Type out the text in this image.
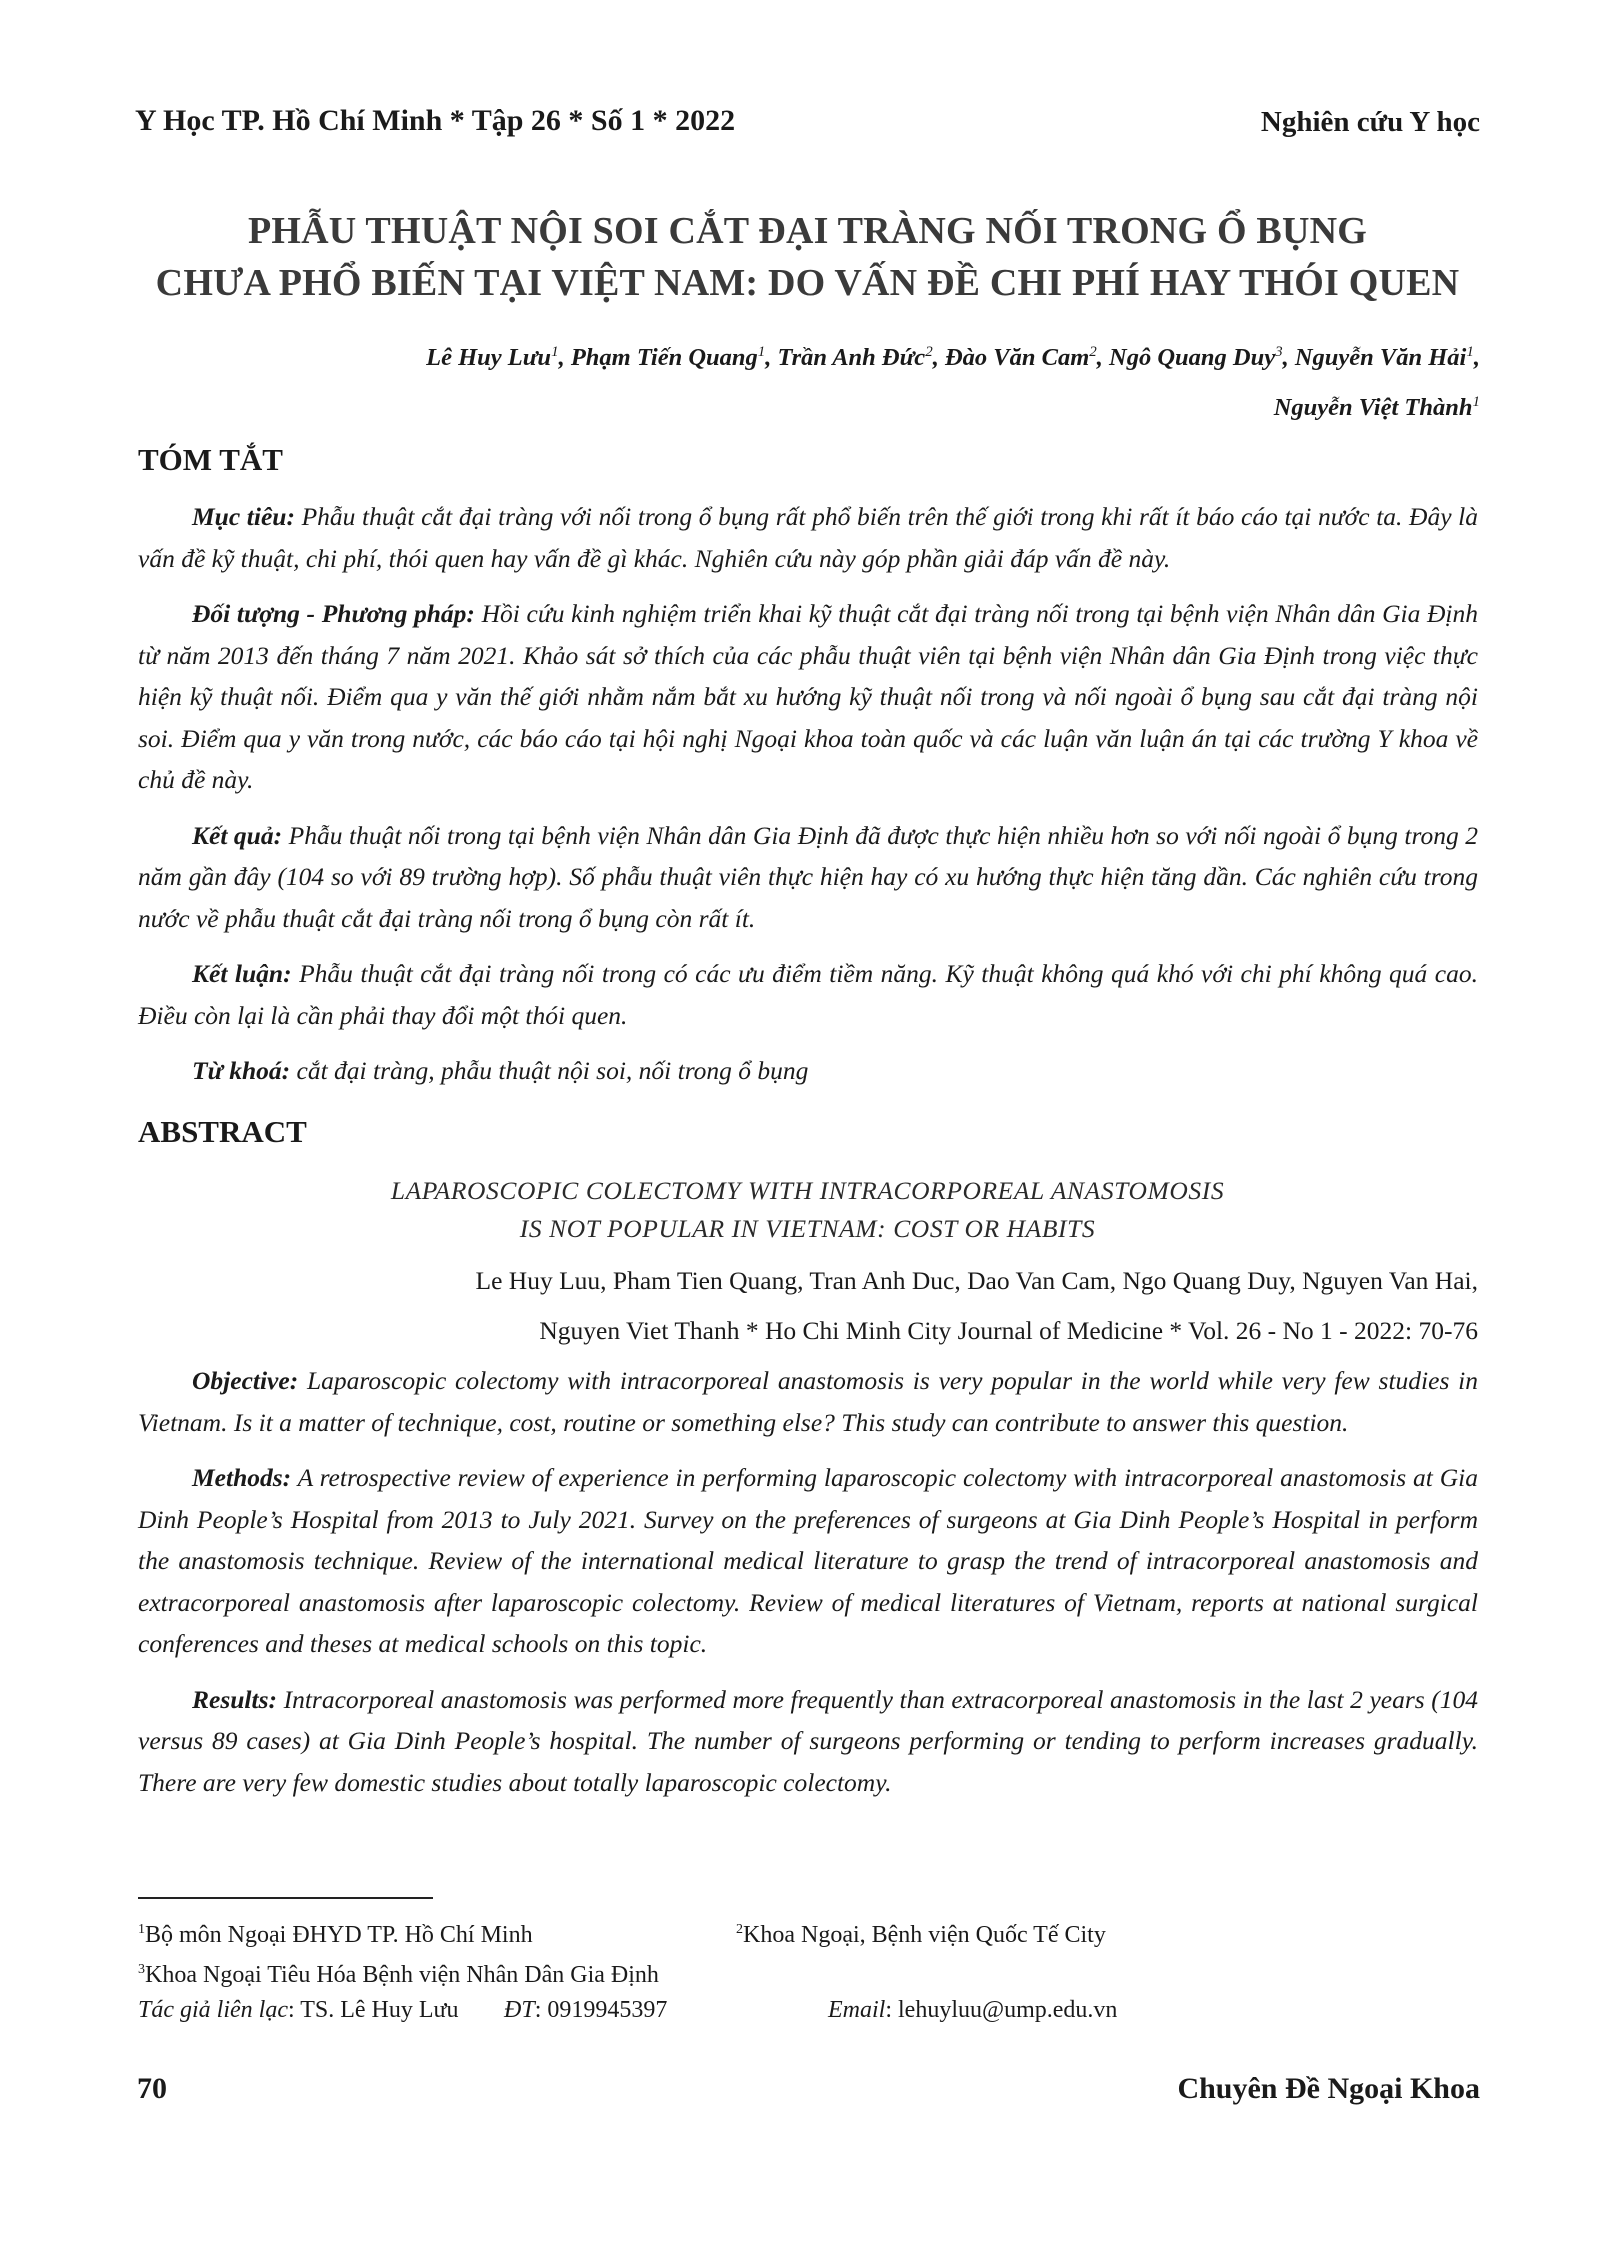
Y Học TP. Hồ Chí Minh * Tập 26 * Số 1 * 2022	Nghiên cứu Y học
PHẪU THUẬT NỘI SOI CẮT ĐẠI TRÀNG NỐI TRONG Ổ BỤNG
CHƯA PHỔ BIẾN TẠI VIỆT NAM: DO VẤN ĐỀ CHI PHÍ HAY THÓI QUEN
Lê Huy Lưu$^1$, Phạm Tiến Quang$^1$, Trần Anh Đức$^2$, Đào Văn Cam$^2$, Ngô Quang Duy$^3$, Nguyễn Văn Hải$^1$,
Nguyễn Việt Thành$^1$
TÓM TẮT

Mục tiêu: Phẫu thuật cắt đại tràng với nối trong ổ bụng rất phổ biến trên thế giới trong khi rất ít báo cáo tại nước ta. Đây là vấn đề kỹ thuật, chi phí, thói quen hay vấn đề gì khác. Nghiên cứu này góp phần giải đáp vấn đề này.

Đối tượng - Phương pháp: Hồi cứu kinh nghiệm triển khai kỹ thuật cắt đại tràng nối trong tại bệnh viện Nhân dân Gia Định từ năm 2013 đến tháng 7 năm 2021. Khảo sát sở thích của các phẫu thuật viên tại bệnh viện Nhân dân Gia Định trong việc thực hiện kỹ thuật nối. Điểm qua y văn thế giới nhằm nắm bắt xu hướng kỹ thuật nối trong và nối ngoài ổ bụng sau cắt đại tràng nội soi. Điểm qua y văn trong nước, các báo cáo tại hội nghị Ngoại khoa toàn quốc và các luận văn luận án tại các trường Y khoa về chủ đề này.

Kết quả: Phẫu thuật nối trong tại bệnh viện Nhân dân Gia Định đã được thực hiện nhiều hơn so với nối ngoài ổ bụng trong 2 năm gần đây (104 so với 89 trường hợp). Số phẫu thuật viên thực hiện hay có xu hướng thực hiện tăng dần. Các nghiên cứu trong nước về phẫu thuật cắt đại tràng nối trong ổ bụng còn rất ít.

Kết luận: Phẫu thuật cắt đại tràng nối trong có các ưu điểm tiềm năng. Kỹ thuật không quá khó với chi phí không quá cao. Điều còn lại là cần phải thay đổi một thói quen.

Từ khoá: cắt đại tràng, phẫu thuật nội soi, nối trong ổ bụng

ABSTRACT
LAPAROSCOPIC COLECTOMY WITH INTRACORPOREAL ANASTOMOSIS
IS NOT POPULAR IN VIETNAM: COST OR HABITS
Le Huy Luu, Pham Tien Quang, Tran Anh Duc, Dao Van Cam, Ngo Quang Duy, Nguyen Van Hai,
Nguyen Viet Thanh * Ho Chi Minh City Journal of Medicine * Vol. 26 - No 1 - 2022: 70-76

Objective: Laparoscopic colectomy with intracorporeal anastomosis is very popular in the world while very few studies in Vietnam. Is it a matter of technique, cost, routine or something else? This study can contribute to answer this question.

Methods: A retrospective review of experience in performing laparoscopic colectomy with intracorporeal anastomosis at Gia Dinh People’s Hospital from 2013 to July 2021. Survey on the preferences of surgeons at Gia Dinh People’s Hospital in perform the anastomosis technique. Review of the international medical literature to grasp the trend of intracorporeal anastomosis and extracorporeal anastomosis after laparoscopic colectomy. Review of medical literatures of Vietnam, reports at national surgical conferences and theses at medical schools on this topic.

Results: Intracorporeal anastomosis was performed more frequently than extracorporeal anastomosis in the last 2 years (104 versus 89 cases) at Gia Dinh People’s hospital. The number of surgeons performing or tending to perform increases gradually. There are very few domestic studies about totally laparoscopic colectomy.

$^1$Bộ môn Ngoại ĐHYD TP. Hồ Chí Minh	$^2$Khoa Ngoại, Bệnh viện Quốc Tế City
$^3$Khoa Ngoại Tiêu Hóa Bệnh viện Nhân Dân Gia Định
Tác giả liên lạc: TS. Lê Huy Lưu ĐT: 0919945397	Email: lehuyluu@ump.edu.vn
70	Chuyên Đề Ngoại Khoa
